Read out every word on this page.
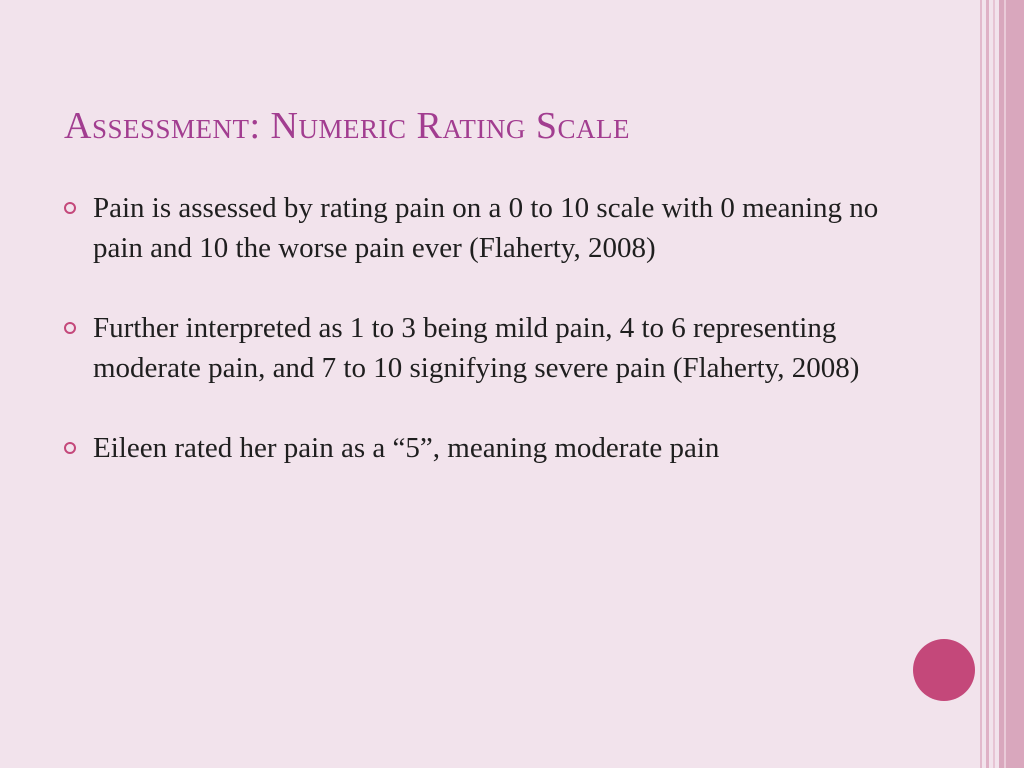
Assessment: Numeric Rating Scale
Pain is assessed by rating pain on a 0 to 10 scale with 0 meaning no pain and 10 the worse pain ever (Flaherty, 2008)
Further interpreted as 1 to 3 being mild pain, 4 to 6 representing moderate pain, and 7 to 10 signifying severe pain (Flaherty, 2008)
Eileen rated her pain as a “5”, meaning moderate pain
